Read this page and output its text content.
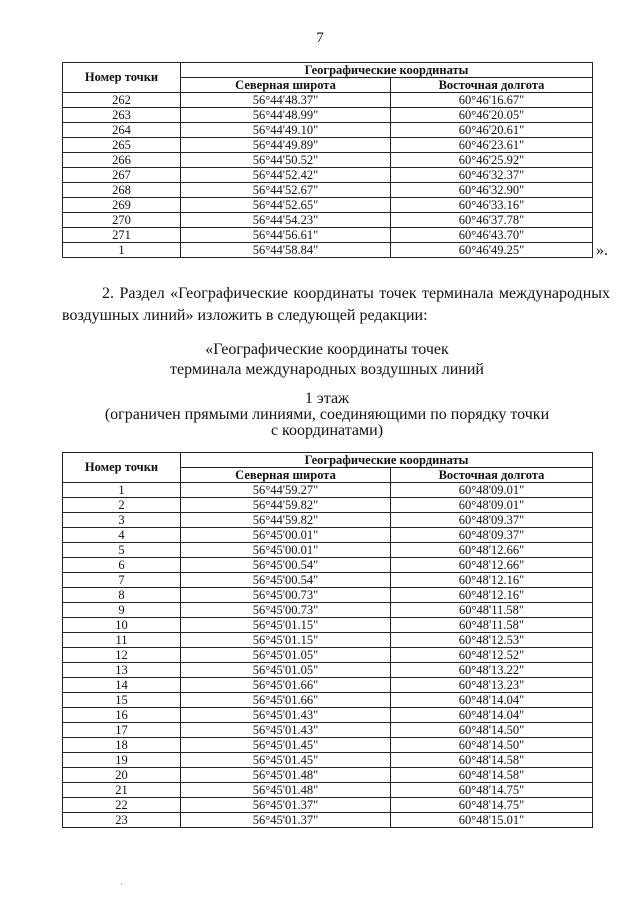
7
Номер точки	Географические координаты	
	Северная широта	Восточная долгота
262	56°44'48.37"	60°46'16.67"
263	56°44'48.99"	60°46'20.05"
264	56°44'49.10"	60°46'20.61"
265	56°44'49.89"	60°46'23.61"
266	56°44'50.52"	60°46'25.92"
267	56°44'52.42"	60°46'32.37"
268	56°44'52.67"	60°46'32.90"
269	56°44'52.65"	60°46'33.16"
270	56°44'54.23"	60°46'37.78"
271	56°44'56.61"	60°46'43.70"
1	56°44'58.84"	60°46'49.25"	».
2. Раздел «Географические координаты точек терминала международных воздушных линий» изложить в следующей редакции:
«Географические координаты точек
терминала международных воздушных линий
1 этаж
(ограничен прямыми линиями, соединяющими по порядку точки
с координатами)
Номер точки	Географические координаты	
	Северная широта	Восточная долгота
1	56°44'59.27"	60°48'09.01"
2	56°44'59.82"	60°48'09.01"
3	56°44'59.82"	60°48'09.37"
4	56°45'00.01"	60°48'09.37"
5	56°45'00.01"	60°48'12.66"
6	56°45'00.54"	60°48'12.66"
7	56°45'00.54"	60°48'12.16"
8	56°45'00.73"	60°48'12.16"
9	56°45'00.73"	60°48'11.58"
10	56°45'01.15"	60°48'11.58"
11	56°45'01.15"	60°48'12.53"
12	56°45'01.05"	60°48'12.52"
13	56°45'01.05"	60°48'13.22"
14	56°45'01.66"	60°48'13.23"
15	56°45'01.66"	60°48'14.04"
16	56°45'01.43"	60°48'14.04"
17	56°45'01.43"	60°48'14.50"
18	56°45'01.45"	60°48'14.50"
19	56°45'01.45"	60°48'14.58"
20	56°45'01.48"	60°48'14.58"
21	56°45'01.48"	60°48'14.75"
22	56°45'01.37"	60°48'14.75"
23	56°45'01.37"	60°48'15.01"
·
